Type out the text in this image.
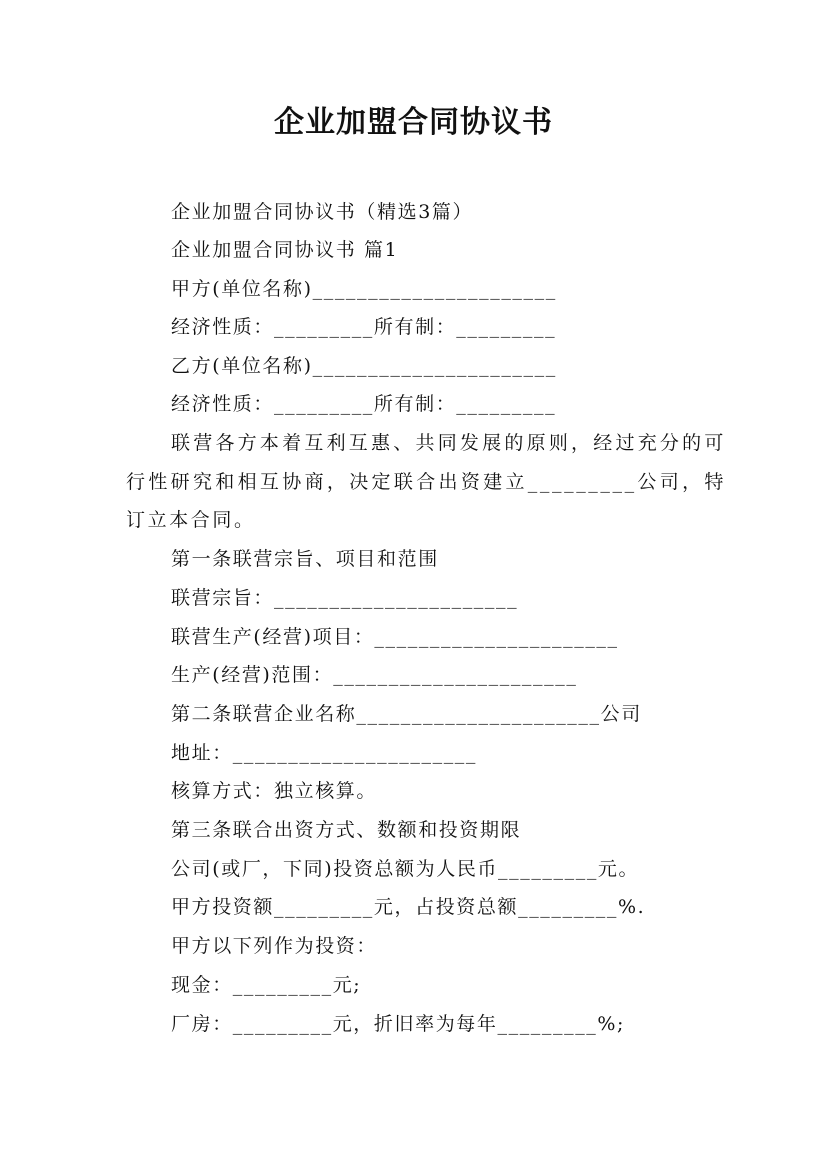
企业加盟合同协议书
企业加盟合同协议书（精选3篇）
企业加盟合同协议书 篇1
甲方(单位名称)______________________
经济性质：_________所有制：_________
乙方(单位名称)______________________
经济性质：_________所有制：_________
联营各方本着互利互惠、共同发展的原则，经过充分的可行性研究和相互协商，决定联合出资建立_________公司，特订立本合同。
第一条联营宗旨、项目和范围
联营宗旨：______________________
联营生产(经营)项目：______________________
生产(经营)范围：______________________
第二条联营企业名称______________________公司
地址：______________________
核算方式：独立核算。
第三条联合出资方式、数额和投资期限
公司(或厂，下同)投资总额为人民币_________元。
甲方投资额_________元，占投资总额_________%.
甲方以下列作为投资：
现金：_________元;
厂房：_________元，折旧率为每年_________%;
